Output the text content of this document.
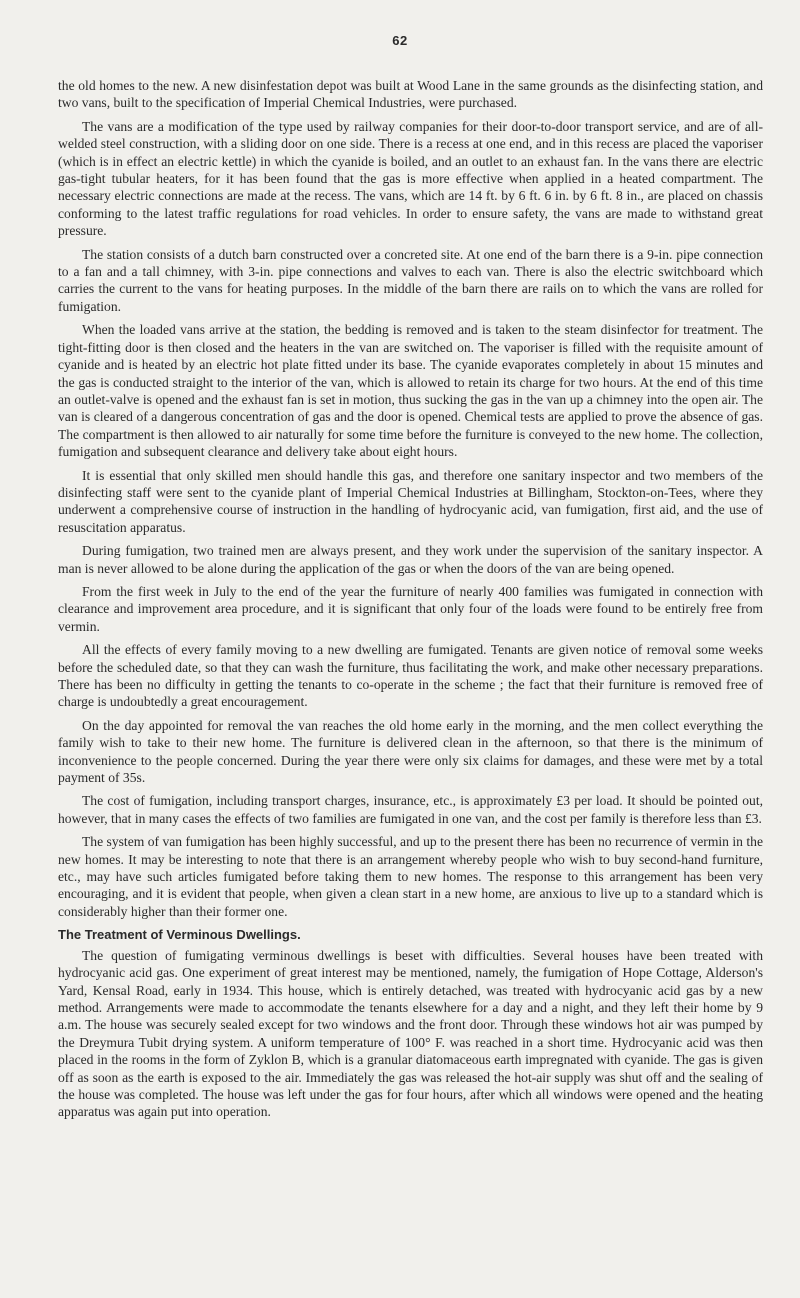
62

the old homes to the new. A new disinfestation depot was built at Wood Lane in the same grounds as the disinfecting station, and two vans, built to the specification of Imperial Chemical Industries, were purchased.

The vans are a modification of the type used by railway companies for their door-to-door transport service, and are of all-welded steel construction, with a sliding door on one side. There is a recess at one end, and in this recess are placed the vaporiser (which is in effect an electric kettle) in which the cyanide is boiled, and an outlet to an exhaust fan. In the vans there are electric gas-tight tubular heaters, for it has been found that the gas is more effective when applied in a heated compartment. The necessary electric connections are made at the recess. The vans, which are 14 ft. by 6 ft. 6 in. by 6 ft. 8 in., are placed on chassis conforming to the latest traffic regulations for road vehicles. In order to ensure safety, the vans are made to withstand great pressure.

The station consists of a dutch barn constructed over a concreted site. At one end of the barn there is a 9-in. pipe connection to a fan and a tall chimney, with 3-in. pipe connections and valves to each van. There is also the electric switchboard which carries the current to the vans for heating purposes. In the middle of the barn there are rails on to which the vans are rolled for fumigation.

When the loaded vans arrive at the station, the bedding is removed and is taken to the steam disinfector for treatment. The tight-fitting door is then closed and the heaters in the van are switched on. The vaporiser is filled with the requisite amount of cyanide and is heated by an electric hot plate fitted under its base. The cyanide evaporates completely in about 15 minutes and the gas is conducted straight to the interior of the van, which is allowed to retain its charge for two hours. At the end of this time an outlet-valve is opened and the exhaust fan is set in motion, thus sucking the gas in the van up a chimney into the open air. The van is cleared of a dangerous concentration of gas and the door is opened. Chemical tests are applied to prove the absence of gas. The compartment is then allowed to air naturally for some time before the furniture is conveyed to the new home. The collection, fumigation and subsequent clearance and delivery take about eight hours.

It is essential that only skilled men should handle this gas, and therefore one sanitary inspector and two members of the disinfecting staff were sent to the cyanide plant of Imperial Chemical Industries at Billingham, Stockton-on-Tees, where they underwent a comprehensive course of instruction in the handling of hydrocyanic acid, van fumigation, first aid, and the use of resuscitation apparatus.

During fumigation, two trained men are always present, and they work under the supervision of the sanitary inspector. A man is never allowed to be alone during the application of the gas or when the doors of the van are being opened.

From the first week in July to the end of the year the furniture of nearly 400 families was fumigated in connection with clearance and improvement area procedure, and it is significant that only four of the loads were found to be entirely free from vermin.

All the effects of every family moving to a new dwelling are fumigated. Tenants are given notice of removal some weeks before the scheduled date, so that they can wash the furniture, thus facilitating the work, and make other necessary preparations. There has been no difficulty in getting the tenants to co-operate in the scheme ; the fact that their furniture is removed free of charge is undoubtedly a great encouragement.

On the day appointed for removal the van reaches the old home early in the morning, and the men collect everything the family wish to take to their new home. The furniture is delivered clean in the afternoon, so that there is the minimum of inconvenience to the people concerned. During the year there were only six claims for damages, and these were met by a total payment of 35s.

The cost of fumigation, including transport charges, insurance, etc., is approximately £3 per load. It should be pointed out, however, that in many cases the effects of two families are fumigated in one van, and the cost per family is therefore less than £3.

The system of van fumigation has been highly successful, and up to the present there has been no recurrence of vermin in the new homes. It may be interesting to note that there is an arrangement whereby people who wish to buy second-hand furniture, etc., may have such articles fumigated before taking them to new homes. The response to this arrangement has been very encouraging, and it is evident that people, when given a clean start in a new home, are anxious to live up to a standard which is considerably higher than their former one.

The Treatment of Verminous Dwellings.

The question of fumigating verminous dwellings is beset with difficulties. Several houses have been treated with hydrocyanic acid gas. One experiment of great interest may be mentioned, namely, the fumigation of Hope Cottage, Alderson's Yard, Kensal Road, early in 1934. This house, which is entirely detached, was treated with hydrocyanic acid gas by a new method. Arrangements were made to accommodate the tenants elsewhere for a day and a night, and they left their home by 9 a.m. The house was securely sealed except for two windows and the front door. Through these windows hot air was pumped by the Dreymura Tubit drying system. A uniform temperature of 100° F. was reached in a short time. Hydrocyanic acid was then placed in the rooms in the form of Zyklon B, which is a granular diatomaceous earth impregnated with cyanide. The gas is given off as soon as the earth is exposed to the air. Immediately the gas was released the hot-air supply was shut off and the sealing of the house was completed. The house was left under the gas for four hours, after which all windows were opened and the heating apparatus was again put into operation.
